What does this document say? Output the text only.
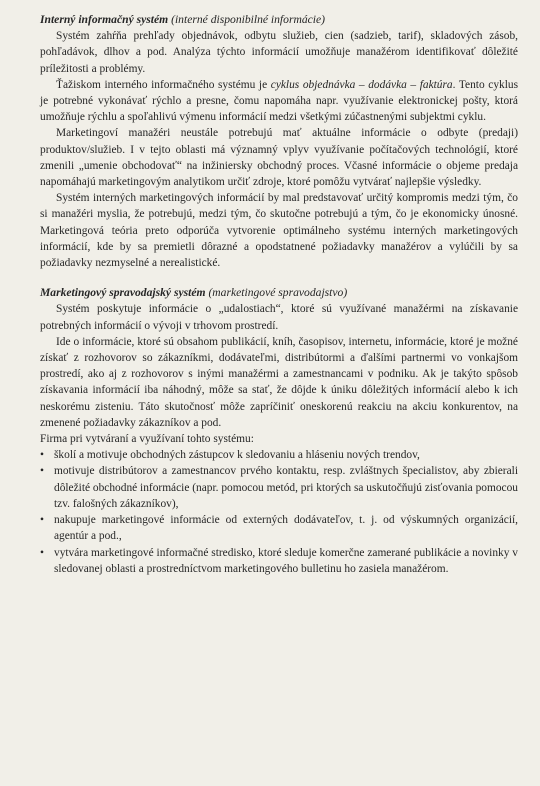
Interný informačný systém (interné disponibilné informácie)

Systém zahŕňa prehľady objednávok, odbytu služieb, cien (sadzieb, tarif), skladových zásob, pohľadávok, dlhov a pod. Analýza týchto informácií umožňuje manažérom identifikovať dôležité príležitosti a problémy.

Ťažiskom interného informačného systému je cyklus objednávka – dodávka – faktúra. Tento cyklus je potrebné vykonávať rýchlo a presne, čomu napomáha napr. využívanie elektronickej pošty, ktorá umožňuje rýchlu a spoľahlivú výmenu informácií medzi všetkými zúčastnenými subjektmi cyklu.

Marketingoví manažéri neustále potrebujú mať aktuálne informácie o odbyte (predaji) produktov/služieb. I v tejto oblasti má významný vplyv využívanie počítačových technológií, ktoré zmenili „umenie obchodovať“ na inžiniersky obchodný proces. Včasné informácie o objeme predaja napomáhajú marketingovým analytikom určiť zdroje, ktoré pomôžu vytvárať najlepšie výsledky.

Systém interných marketingových informácií by mal predstavovať určitý kompromis medzi tým, čo si manažéri myslia, že potrebujú, medzi tým, čo skutočne potrebujú a tým, čo je ekonomicky únosné. Marketingová teória preto odporúča vytvorenie optimálneho systému interných marketingových informácií, kde by sa premietli dôrazné a opodstatnené požiadavky manažérov a vylúčili by sa požiadavky nezmyselné a nerealistické.

Marketingový spravodajský systém (marketingové spravodajstvo)

Systém poskytuje informácie o „udalostiach“, ktoré sú využívané manažérmi na získavanie potrebných informácií o vývoji v trhovom prostredí.

Ide o informácie, ktoré sú obsahom publikácií, kníh, časopisov, internetu, informácie, ktoré je možné získať z rozhovorov so zákazníkmi, dodávateľmi, distribútormi a ďalšími partnermi vo vonkajšom prostredí, ako aj z rozhovorov s inými manažérmi a zamestnancami v podniku. Ak je takýto spôsob získavania informácií iba náhodný, môže sa stať, že dôjde k úniku dôležitých informácií alebo k ich neskorému zisteniu. Táto skutočnosť môže zapríčiniť oneskorenú reakciu na akciu konkurentov, na zmenené požiadavky zákazníkov a pod.

Firma pri vytváraní a využívaní tohto systému:

• školí a motivuje obchodných zástupcov k sledovaniu a hláseniu nových trendov,
• motivuje distribútorov a zamestnancov prvého kontaktu, resp. zvláštnych špecialistov, aby zbierali dôležité obchodné informácie (napr. pomocou metód, pri ktorých sa uskutočňujú zisťovania pomocou tzv. falošných zákazníkov),
• nakupuje marketingové informácie od externých dodávateľov, t. j. od výskumných organizácií, agentúr a pod.,
• vytvára marketingové informačné stredisko, ktoré sleduje komerčne zamerané publikácie a novinky v sledovanej oblasti a prostredníctvom marketingového bulletinu ho zasiela manažérom.
